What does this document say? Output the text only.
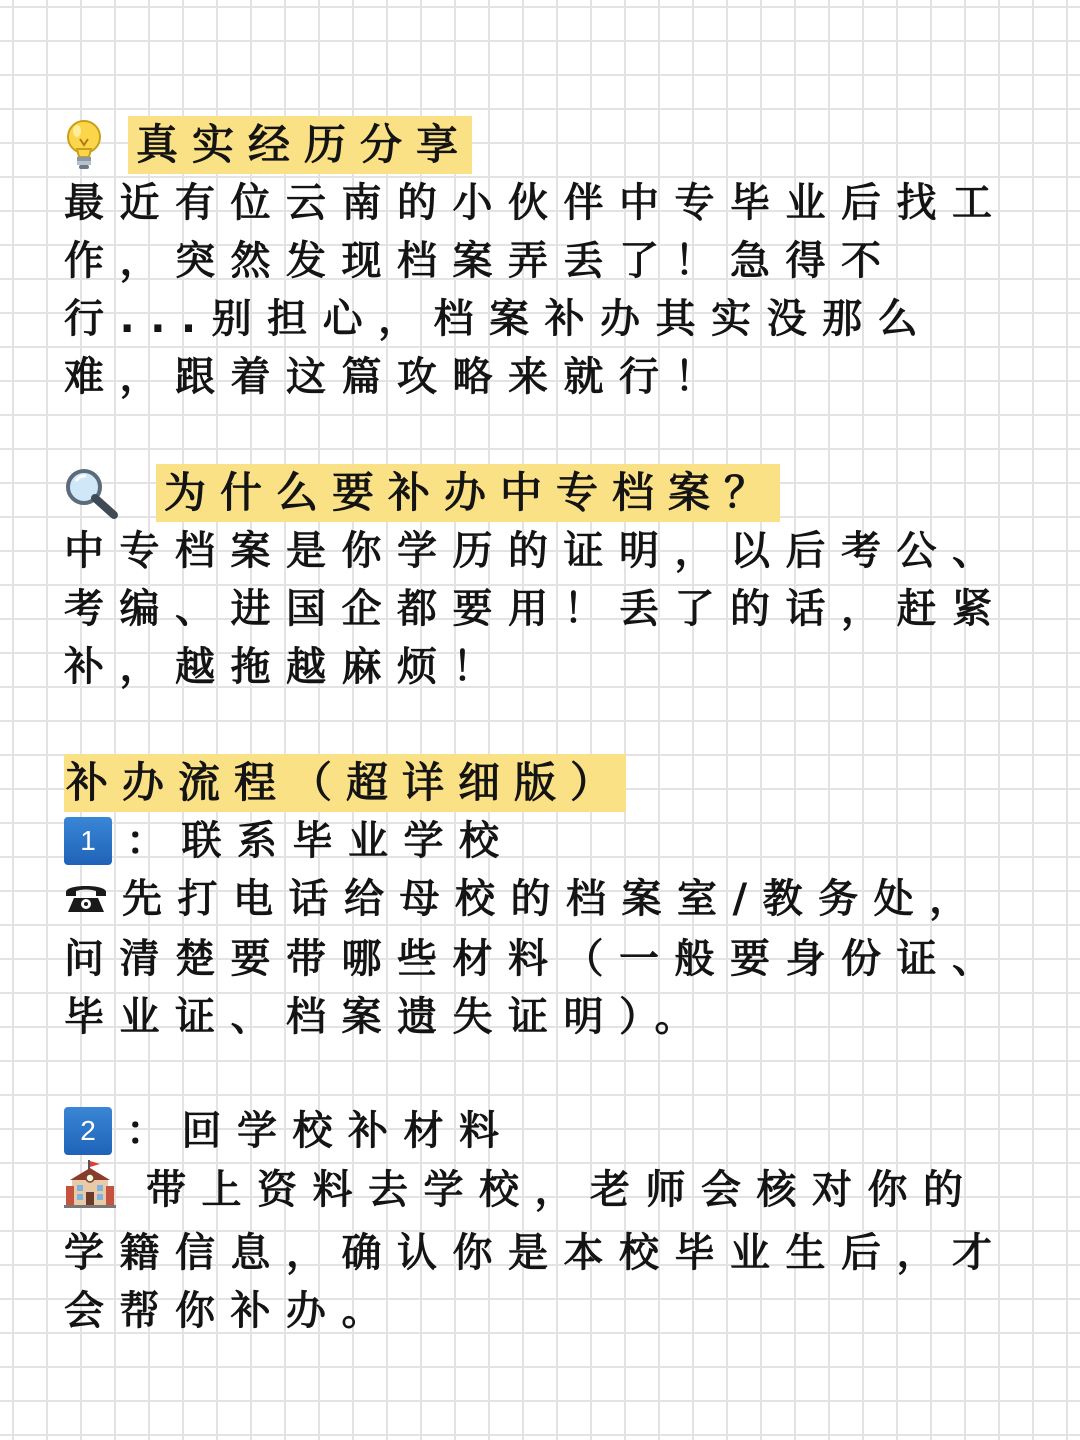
真实经历分享

最近有位云南的小伙伴中专毕业后找工作，突然发现档案弄丢了！急得不行...别担心，档案补办其实没那么难，跟着这篇攻略来就行！

为什么要补办中专档案？

中专档案是你学历的证明，以后考公、考编、进国企都要用！丢了的话，赶紧补，越拖越麻烦！

补办流程（超详细版）
1 ：联系毕业学校

先打电话给母校的档案室/教务处，问清楚要带哪些材料（一般要身份证、毕业证、档案遗失证明）。

2 ：回学校补材料

带上资料去学校，老师会核对你的学籍信息，确认你是本校毕业生后，才会帮你补办。
